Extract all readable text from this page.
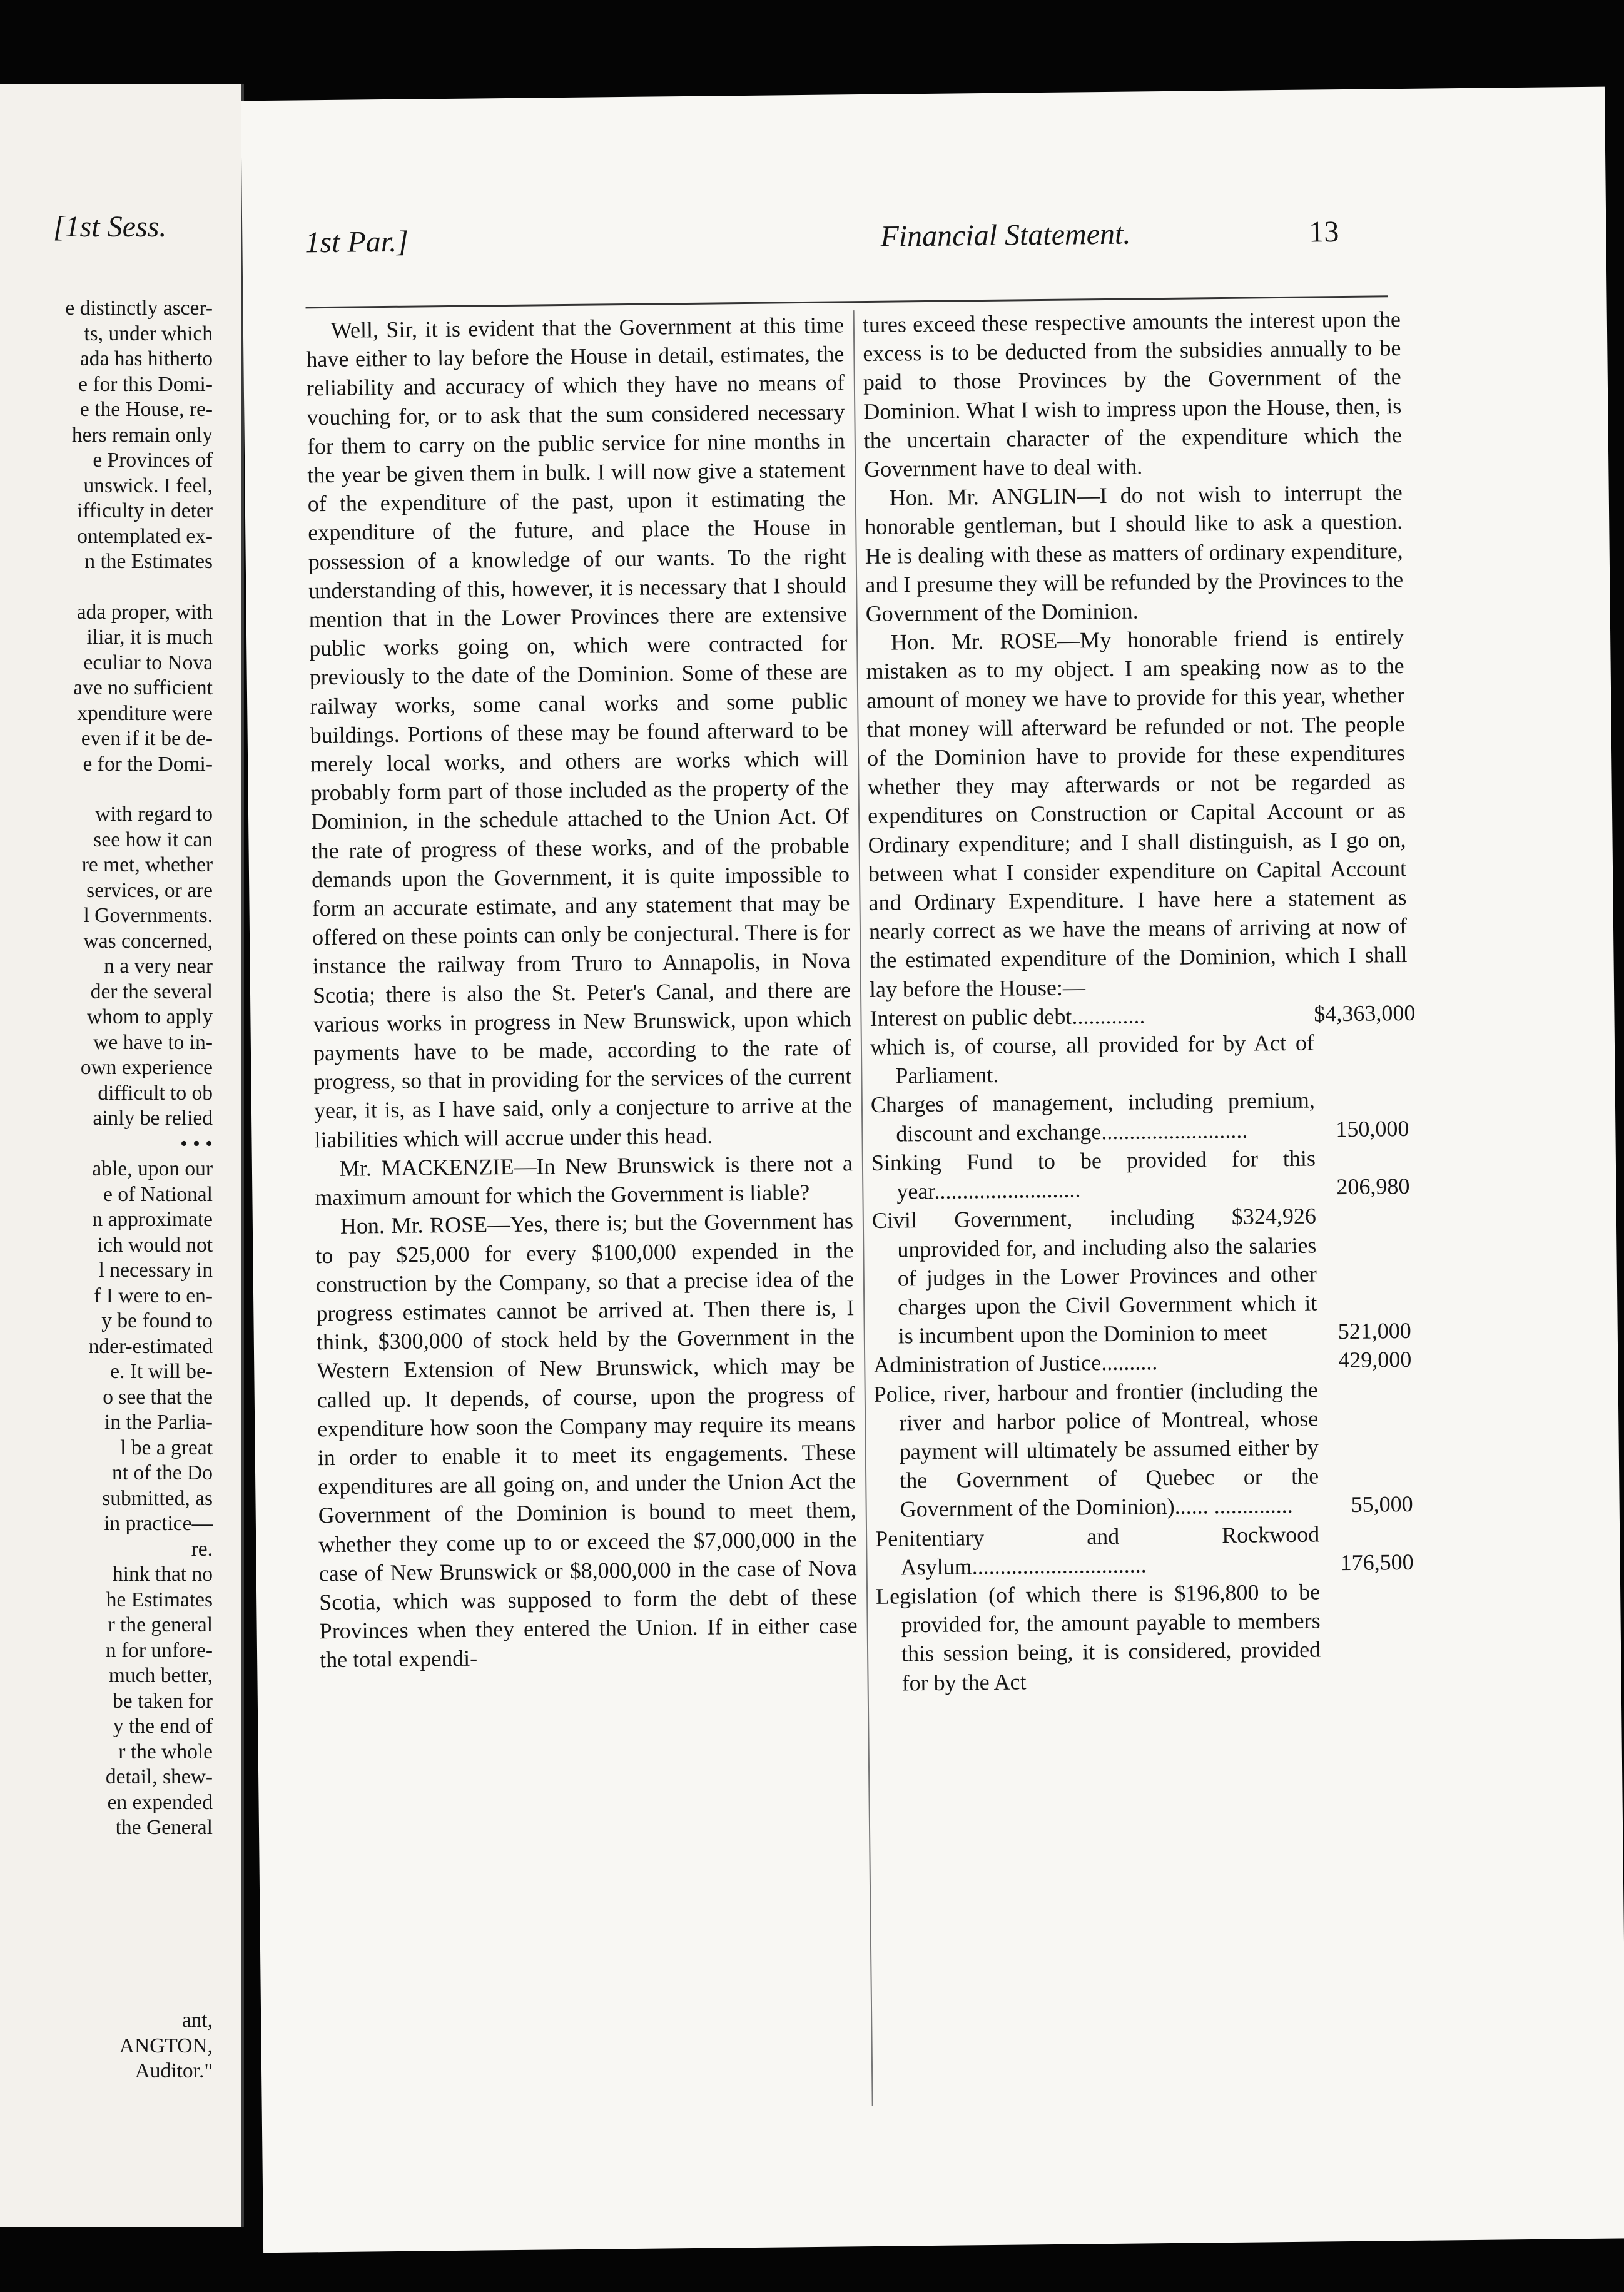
[1st Sess.
e distinctly ascer-
ts, under which
ada has hitherto
e for this Domi-
e the House, re-
hers remain only
e Provinces of
unswick. I feel,
ifficulty in deter
ontemplated ex-
n the Estimates
ada proper, with
iliar, it is much
eculiar to Nova
ave no sufficient
xpenditure were
even if it be de-
e for the Domi-
with regard to
see how it can
re met, whether
services, or are
l Governments.
was concerned,
n a very near
der the several
whom to apply
we have to in-
own experience
difficult to ob
ainly be relied
• • •
able, upon our
e of National
n approximate
ich would not
l necessary in
f I were to en-
y be found to
nder-estimated
e. It will be-
o see that the
in the Parlia-
l be a great
nt of the Do
submitted, as
in practice—
re.
hink that no
he Estimates
r the general
n for unfore-
much better,
be taken for
y the end of
r the whole
detail, shew-
en expended
the General
ant,
ANGTON,
Auditor."
1st Par.]	Financial Statement.	13

Well, Sir, it is evident that the Government at this time have either to lay before the House in detail, estimates, the reliability and accuracy of which they have no means of vouching for, or to ask that the sum considered necessary for them to carry on the public service for nine months in the year be given them in bulk. I will now give a statement of the expenditure of the past, upon it estimating the expenditure of the future, and place the House in possession of a knowledge of our wants. To the right understanding of this, however, it is necessary that I should mention that in the Lower Provinces there are extensive public works going on, which were contracted for previously to the date of the Dominion. Some of these are railway works, some canal works and some public buildings. Portions of these may be found afterward to be merely local works, and others are works which will probably form part of those included as the property of the Dominion, in the schedule attached to the Union Act. Of the rate of progress of these works, and of the probable demands upon the Government, it is quite impossible to form an accurate estimate, and any statement that may be offered on these points can only be conjectural. There is for instance the railway from Truro to Annapolis, in Nova Scotia; there is also the St. Peter's Canal, and there are various works in progress in New Brunswick, upon which payments have to be made, according to the rate of progress, so that in providing for the services of the current year, it is, as I have said, only a conjecture to arrive at the liabilities which will accrue under this head.

Mr. MACKENZIE—In New Brunswick is there not a maximum amount for which the Government is liable?

Hon. Mr. ROSE—Yes, there is; but the Government has to pay $25,000 for every $100,000 expended in the construction by the Company, so that a precise idea of the progress estimates cannot be arrived at. Then there is, I think, $300,000 of stock held by the Government in the Western Extension of New Brunswick, which may be called up. It depends, of course, upon the progress of expenditure how soon the Company may require its means in order to enable it to meet its engagements. These expenditures are all going on, and under the Union Act the Government of the Dominion is bound to meet them, whether they come up to or exceed the $7,000,000 in the case of New Brunswick or $8,000,000 in the case of Nova Scotia, which was supposed to form the debt of these Provinces when they entered the Union. If in either case the total expendi-

tures exceed these respective amounts the interest upon the excess is to be deducted from the subsidies annually to be paid to those Provinces by the Government of the Dominion. What I wish to impress upon the House, then, is the uncertain character of the expenditure which the Government have to deal with.

Hon. Mr. ANGLIN—I do not wish to interrupt the honorable gentleman, but I should like to ask a question. He is dealing with these as matters of ordinary expenditure, and I presume they will be refunded by the Provinces to the Government of the Dominion.

Hon. Mr. ROSE—My honorable friend is entirely mistaken as to my object. I am speaking now as to the amount of money we have to provide for this year, whether that money will afterward be refunded or not. The people of the Dominion have to provide for these expenditures whether they may afterwards or not be regarded as expenditures on Construction or Capital Account or as Ordinary expenditure; and I shall distinguish, as I go on, between what I consider expenditure on Capital Account and Ordinary Expenditure. I have here a statement as nearly correct as we have the means of arriving at now of the estimated expenditure of the Dominion, which I shall lay before the House:—

Interest on public debt.............	$4,363,000
which is, of course, all provided for by Act of Parliament.
Charges of management, including premium, discount and exchange..........................	150,000
Sinking Fund to be provided for this year..........................	206,980
Civil Government, including $324,926 unprovided for, and including also the salaries of judges in the Lower Provinces and other charges upon the Civil Government which it is incumbent upon the Dominion to meet	521,000
Administration of Justice..........	429,000
Police, river, harbour and frontier (including the river and harbor police of Montreal, whose payment will ultimately be assumed either by the Government of Quebec or the Government of the Dominion)...... ..............	55,000
Penitentiary and Rockwood Asylum...............................	176,500
Legislation (of which there is $196,800 to be provided for, the amount payable to members this session being, it is considered, provided for by the Act
